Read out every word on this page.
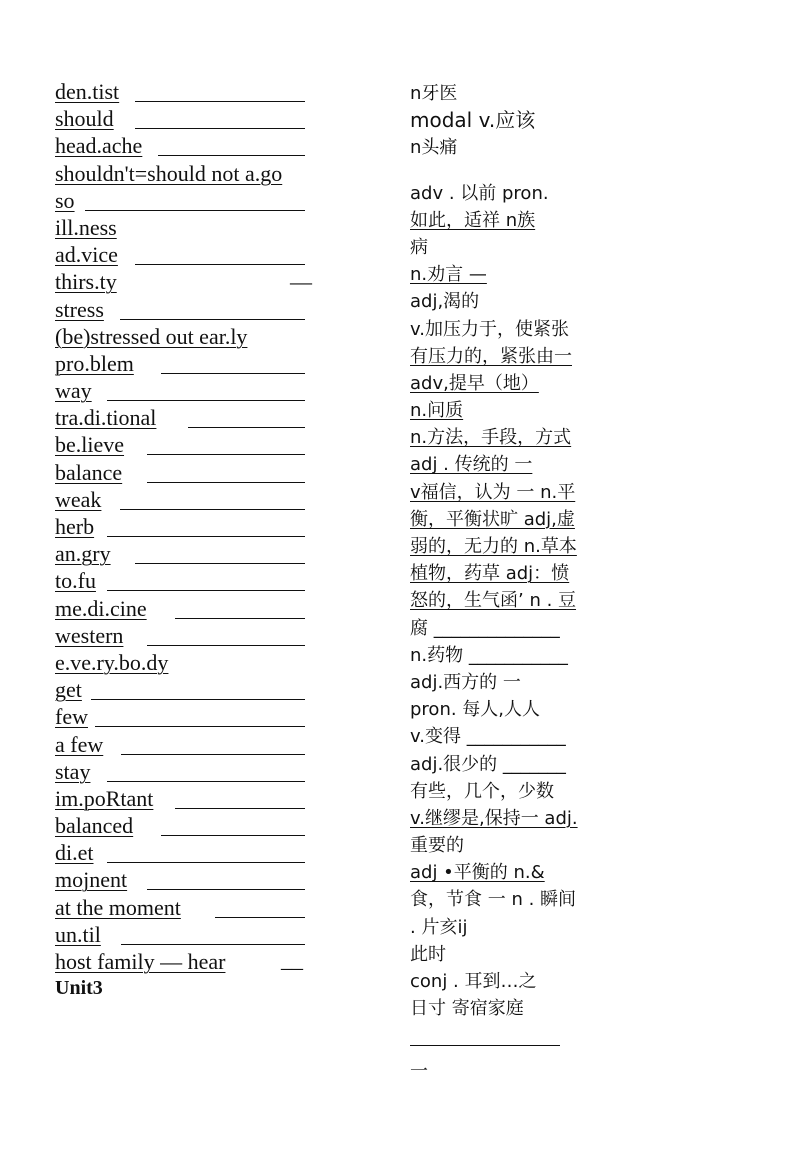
den.tist
should
head.ache
shouldn't=should not a.go
so
ill.ness
ad.vice
thirs.ty	—
stress
(be)stressed out ear.ly
pro.blem
way
tra.di.tional
be.lieve
balance
weak
herb
an.gry
to.fu
me.di.cine
western
e.ve.ry.bo.dy
get
few
a few
stay
im.poRtant
balanced
di.et
mojnent
at the moment
un.til
host family — hear	__
Unit3
n牙医
modal v.应该
n头痛
adv . 以前 pron.
如此，适祥 n族
病
n.劝言 —
adj,渴的
v.加压力于，使紧张
有压力的，紧张由一
adv,提早（地）
n.问质
n.方法，手段，方式
adj . 传统的 一
v福信，认为 一 n.平
衡，平衡状旷 adj,虚
弱的，无力的 n.草本
植物，药草 adj：愤
怒的，生气函’ n . 豆
腐 ______________
n.药物 ___________
adj.西方的 一
pron. 每人,人人
v.变得 ___________
adj.很少的 _______
有些，几个，少数
v.继缪是,保持一 adj.
重要的
adj •平衡的 n.&
食，节食 一 n . 瞬间
. 片亥ij
此时
conj . 耳到…之
日寸 寄宿家庭
一
